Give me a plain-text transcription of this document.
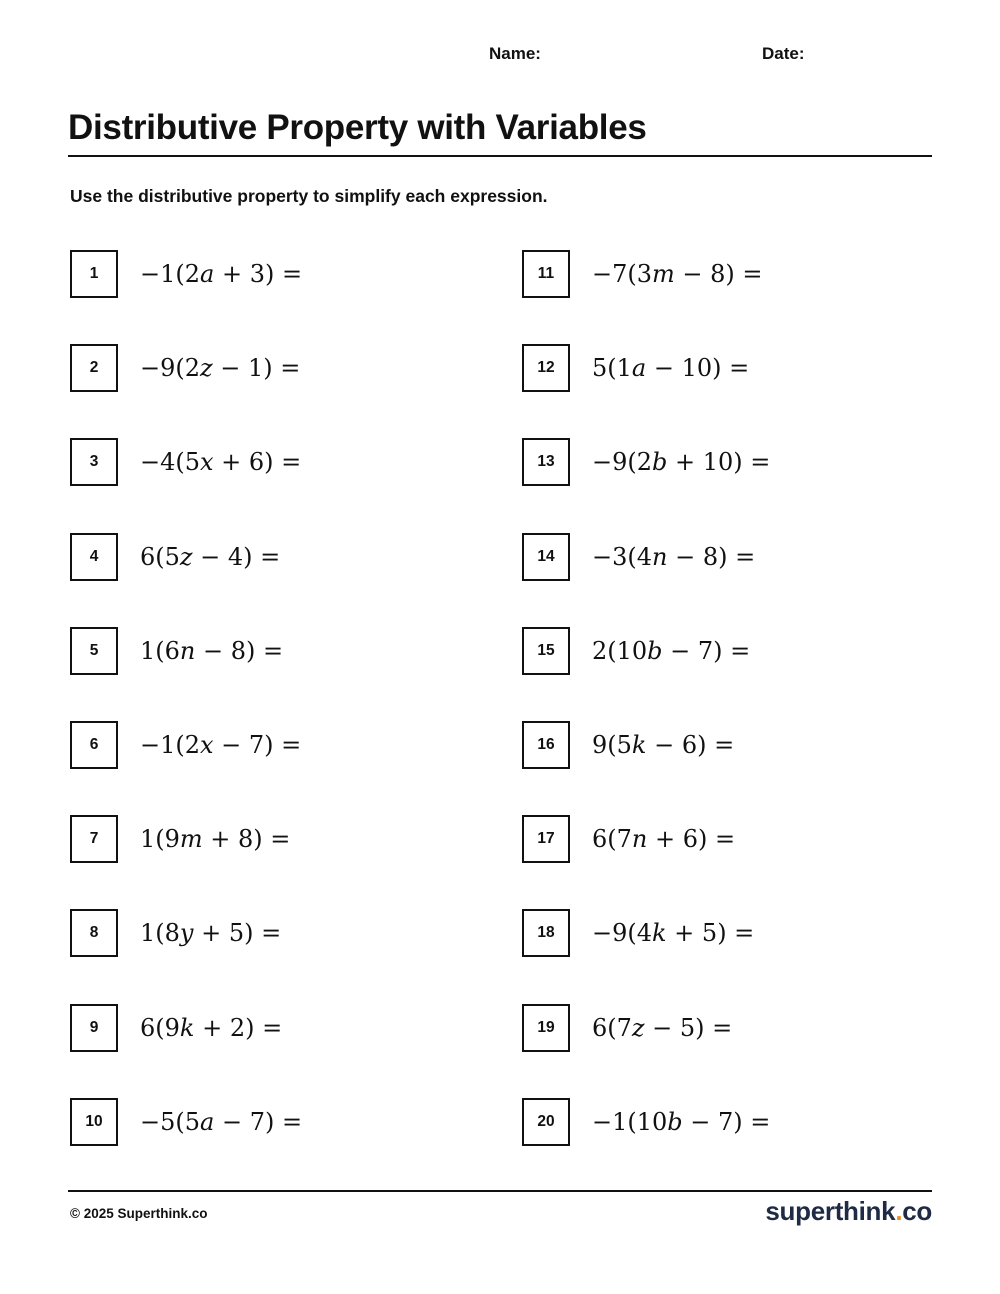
Name:	Date:
Distributive Property with Variables
Use the distributive property to simplify each expression.
1	−1(2𝑎 + 3) =
2	−9(2𝑧 − 1) =
3	−4(5𝑥 + 6) =
4	6(5𝑧 − 4) =
5	1(6𝑛 − 8) =
6	−1(2𝑥 − 7) =
7	1(9𝑚 + 8) =
8	1(8𝑦 + 5) =
9	6(9𝑘 + 2) =
10	−5(5𝑎 − 7) =
11	−7(3𝑚 − 8) =
12	5(1𝑎 − 10) =
13	−9(2𝑏 + 10) =
14	−3(4𝑛 − 8) =
15	2(10𝑏 − 7) =
16	9(5𝑘 − 6) =
17	6(7𝑛 + 6) =
18	−9(4𝑘 + 5) =
19	6(7𝑧 − 5) =
20	−1(10𝑏 − 7) =
© 2025 Superthink.co	superthink.co
